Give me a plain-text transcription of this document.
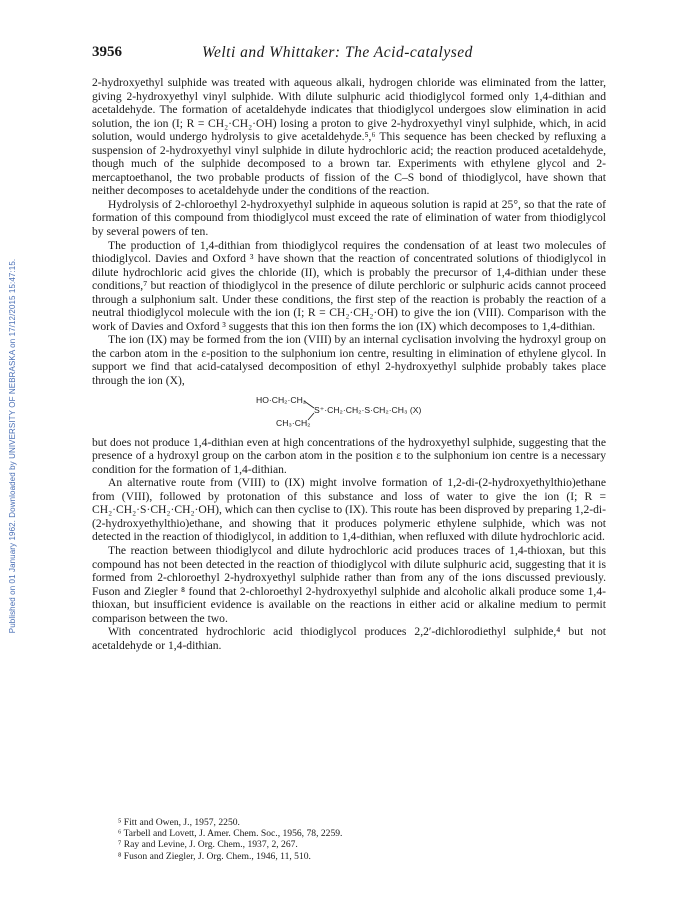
Published on 01 January 1962. Downloaded by UNIVERSITY OF NEBRASKA on 17/12/2015 15:47:15.
3956	Welti and Whittaker: The Acid-catalysed

2-hydroxyethyl sulphide was treated with aqueous alkali, hydrogen chloride was eliminated from the latter, giving 2-hydroxyethyl vinyl sulphide. With dilute sulphuric acid thiodiglycol formed only 1,4-dithian and acetaldehyde. The formation of acetaldehyde indicates that thiodiglycol undergoes slow elimination in acid solution, the ion (I; R = CH₂·CH₂·OH) losing a proton to give 2-hydroxyethyl vinyl sulphide, which, in acid solution, would undergo hydrolysis to give acetaldehyde.⁵,⁶ This sequence has been checked by refluxing a suspension of 2-hydroxyethyl vinyl sulphide in dilute hydrochloric acid; the reaction produced acetaldehyde, though much of the sulphide decomposed to a brown tar. Experiments with ethylene glycol and 2-mercaptoethanol, the two probable products of fission of the C–S bond of thiodiglycol, have shown that neither decomposes to acetaldehyde under the conditions of the reaction.

Hydrolysis of 2-chloroethyl 2-hydroxyethyl sulphide in aqueous solution is rapid at 25°, so that the rate of formation of this compound from thiodiglycol must exceed the rate of elimination of water from thiodiglycol by several powers of ten.

The production of 1,4-dithian from thiodiglycol requires the condensation of at least two molecules of thiodiglycol. Davies and Oxford ³ have shown that the reaction of concentrated solutions of thiodiglycol in dilute hydrochloric acid gives the chloride (II), which is probably the precursor of 1,4-dithian under these conditions,⁷ but reaction of thiodiglycol in the presence of dilute perchloric or sulphuric acids cannot proceed through a sulphonium salt. Under these conditions, the first step of the reaction is probably the reaction of a neutral thiodiglycol molecule with the ion (I; R = CH₂·CH₂·OH) to give the ion (VIII). Comparison with the work of Davies and Oxford ³ suggests that this ion then forms the ion (IX) which decomposes to 1,4-dithian.

The ion (IX) may be formed from the ion (VIII) by an internal cyclisation involving the hydroxyl group on the carbon atom in the ε-position to the sulphonium ion centre, resulting in elimination of ethylene glycol. In support we find that acid-catalysed decomposition of ethyl 2-hydroxyethyl sulphide probably takes place through the ion (X),

HO·CH₂·CH₂
S⁺·CH₂·CH₂·S·CH₂·CH₃ (X)
CH₃·CH₂

but does not produce 1,4-dithian even at high concentrations of the hydroxyethyl sulphide, suggesting that the presence of a hydroxyl group on the carbon atom in the position ε to the sulphonium ion centre is a necessary condition for the formation of 1,4-dithian.

An alternative route from (VIII) to (IX) might involve formation of 1,2-di-(2-hydroxyethylthio)ethane from (VIII), followed by protonation of this substance and loss of water to give the ion (I; R = CH₂·CH₂·S·CH₂·CH₂·OH), which can then cyclise to (IX). This route has been disproved by preparing 1,2-di-(2-hydroxyethylthio)ethane, and showing that it produces polymeric ethylene sulphide, which was not detected in the reaction of thiodiglycol, in addition to 1,4-dithian, when refluxed with dilute hydrochloric acid.

The reaction between thiodiglycol and dilute hydrochloric acid produces traces of 1,4-thioxan, but this compound has not been detected in the reaction of thiodiglycol with dilute sulphuric acid, suggesting that it is formed from 2-chloroethyl 2-hydroxyethyl sulphide rather than from any of the ions discussed previously. Fuson and Ziegler ⁸ found that 2-chloroethyl 2-hydroxyethyl sulphide and alcoholic alkali produce some 1,4-thioxan, but insufficient evidence is available on the reactions in either acid or alkaline medium to permit comparison between the two.

With concentrated hydrochloric acid thiodiglycol produces 2,2′-dichlorodiethyl sulphide,⁴ but not acetaldehyde or 1,4-dithian.

⁵ Fitt and Owen, J., 1957, 2250.
⁶ Tarbell and Lovett, J. Amer. Chem. Soc., 1956, 78, 2259.
⁷ Ray and Levine, J. Org. Chem., 1937, 2, 267.
⁸ Fuson and Ziegler, J. Org. Chem., 1946, 11, 510.
